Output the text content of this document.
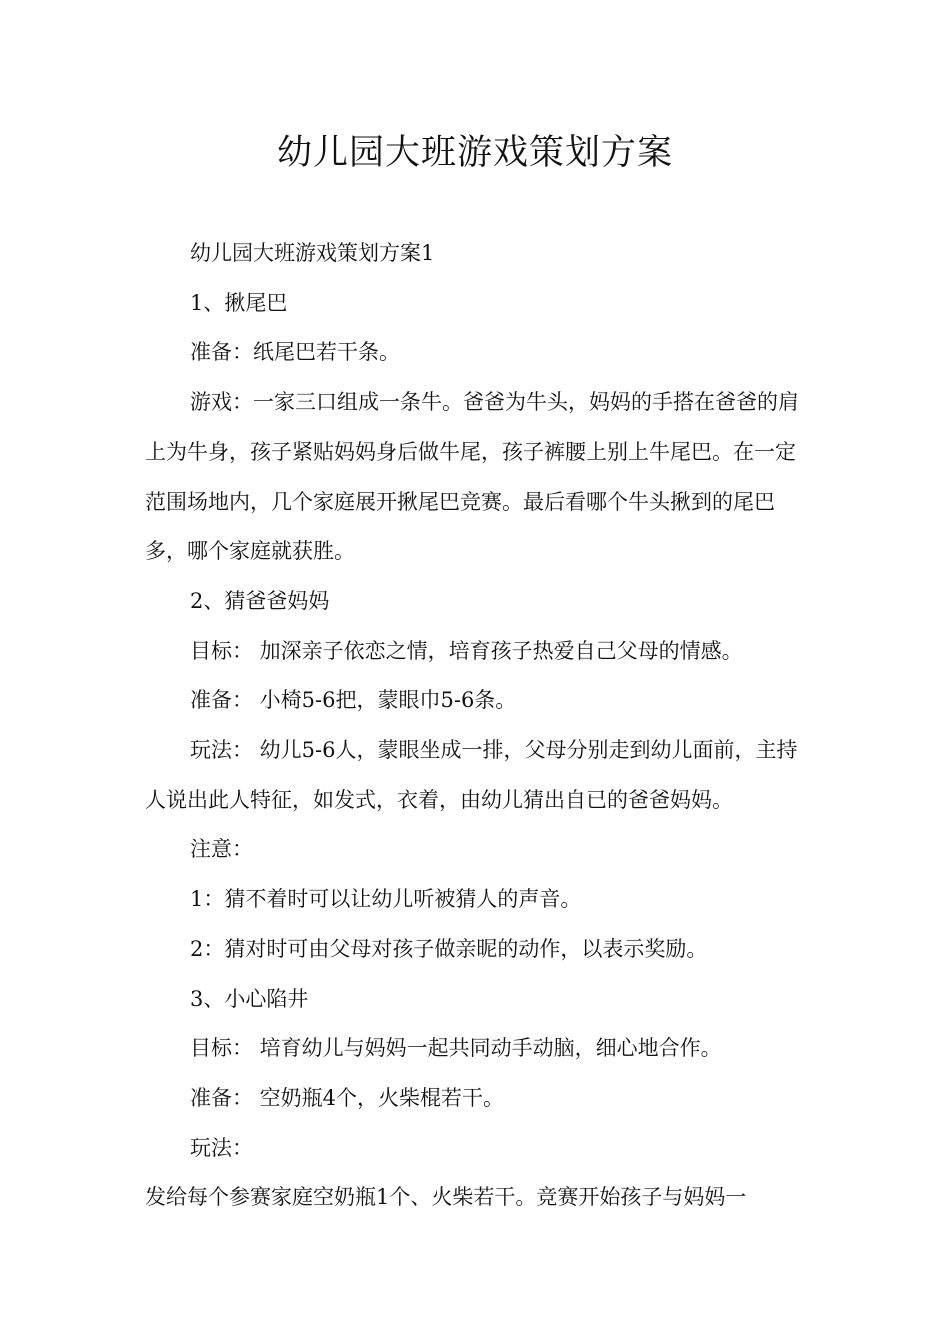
幼儿园大班游戏策划方案

幼儿园大班游戏策划方案1

1、揪尾巴

准备：纸尾巴若干条。

游戏：一家三口组成一条牛。爸爸为牛头，妈妈的手搭在爸爸的肩上为牛身，孩子紧贴妈妈身后做牛尾，孩子裤腰上别上牛尾巴。在一定范围场地内，几个家庭展开揪尾巴竞赛。最后看哪个牛头揪到的尾巴多，哪个家庭就获胜。

2、猜爸爸妈妈

目标： 加深亲子依恋之情，培育孩子热爱自己父母的情感。

准备： 小椅5-6把，蒙眼巾5-6条。

玩法： 幼儿5-6人，蒙眼坐成一排，父母分别走到幼儿面前，主持人说出此人特征，如发式，衣着，由幼儿猜出自已的爸爸妈妈。

注意：

1：猜不着时可以让幼儿听被猜人的声音。

2：猜对时可由父母对孩子做亲昵的动作，以表示奖励。

3、小心陷井

目标： 培育幼儿与妈妈一起共同动手动脑，细心地合作。

准备： 空奶瓶4个，火柴棍若干。

玩法：

发给每个参赛家庭空奶瓶1个、火柴若干。竞赛开始孩子与妈妈一
